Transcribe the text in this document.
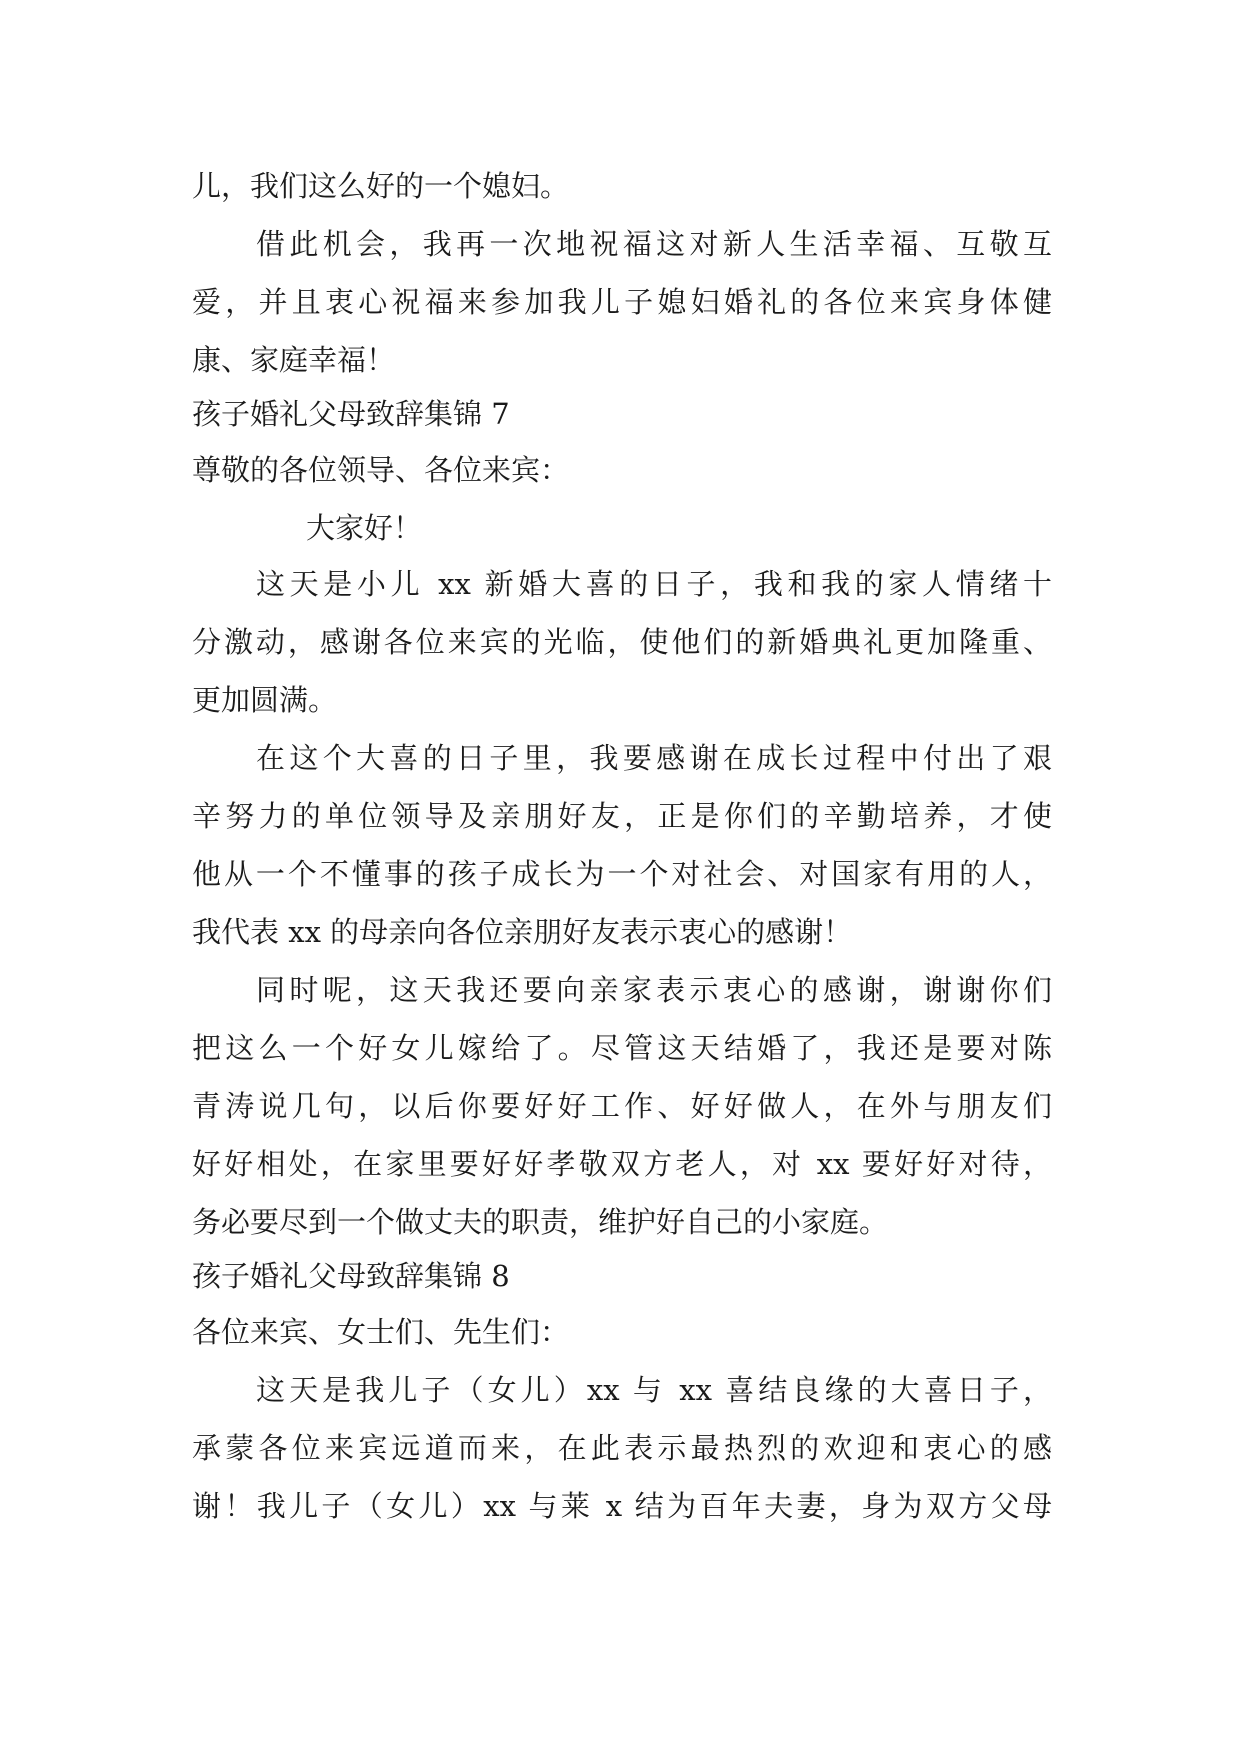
儿，我们这么好的一个媳妇。
借此机会，我再一次地祝福这对新人生活幸福、互敬互
爱，并且衷心祝福来参加我儿子媳妇婚礼的各位来宾身体健
康、家庭幸福！
孩子婚礼父母致辞集锦 7
尊敬的各位领导、各位来宾：
大家好！
这天是小儿 xx 新婚大喜的日子，我和我的家人情绪十
分激动，感谢各位来宾的光临，使他们的新婚典礼更加隆重、
更加圆满。
在这个大喜的日子里，我要感谢在成长过程中付出了艰
辛努力的单位领导及亲朋好友，正是你们的辛勤培养，才使
他从一个不懂事的孩子成长为一个对社会、对国家有用的人，
我代表 xx 的母亲向各位亲朋好友表示衷心的感谢！
同时呢，这天我还要向亲家表示衷心的感谢，谢谢你们
把这么一个好女儿嫁给了。尽管这天结婚了，我还是要对陈
青涛说几句，以后你要好好工作、好好做人，在外与朋友们
好好相处，在家里要好好孝敬双方老人，对 xx 要好好对待，
务必要尽到一个做丈夫的职责，维护好自己的小家庭。
孩子婚礼父母致辞集锦 8
各位来宾、女士们、先生们：
这天是我儿子（女儿）xx 与 xx 喜结良缘的大喜日子，
承蒙各位来宾远道而来，在此表示最热烈的欢迎和衷心的感
谢！我儿子（女儿）xx 与莱 x 结为百年夫妻，身为双方父母
